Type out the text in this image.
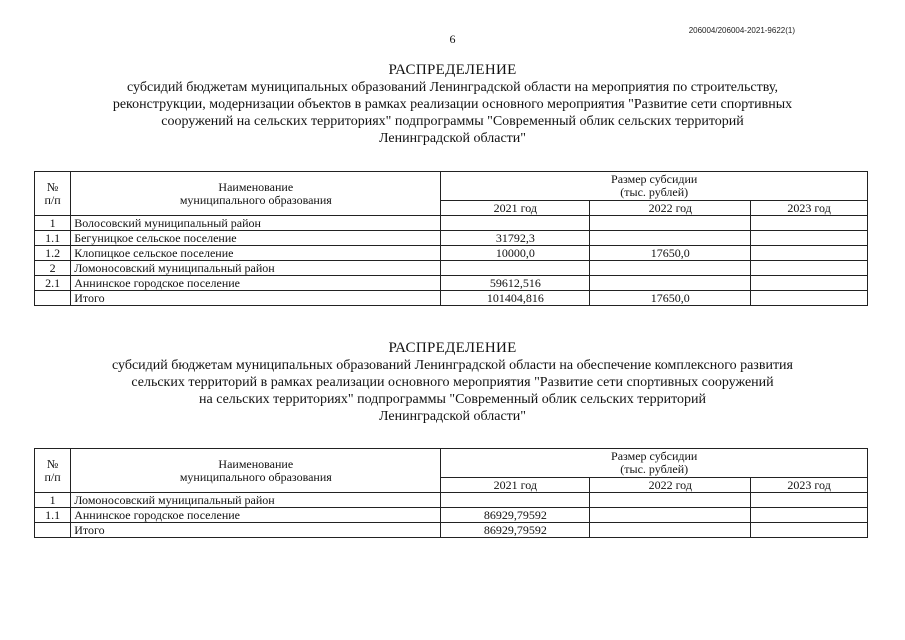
206004/206004-2021-9622(1)
6
РАСПРЕДЕЛЕНИЕ
субсидий бюджетам муниципальных образований Ленинградской области на мероприятия по строительству,
реконструкции, модернизации объектов в рамках реализации основного мероприятия "Развитие сети спортивных
сооружений на сельских территориях" подпрограммы "Современный облик сельских территорий
Ленинградской области"
№
п/п	Наименование
муниципального образования	Размер субсидии
(тыс. рублей)		
		2021 год	2022 год	2023 год
1	Волосовский муниципальный район			
1.1	Бегуницкое сельское поселение	31792,3		
1.2	Клопицкое сельское поселение	10000,0	17650,0	
2	Ломоносовский муниципальный район			
2.1	Аннинское городское поселение	59612,516		
	Итого	101404,816	17650,0	
РАСПРЕДЕЛЕНИЕ
субсидий бюджетам муниципальных образований Ленинградской области на обеспечение комплексного развития
сельских территорий в рамках реализации основного мероприятия "Развитие сети спортивных сооружений
на сельских территориях" подпрограммы "Современный облик сельских территорий
Ленинградской области"
№
п/п	Наименование
муниципального образования	Размер субсидии
(тыс. рублей)		
		2021 год	2022 год	2023 год
1	Ломоносовский муниципальный район			
1.1	Аннинское городское поселение	86929,79592		
	Итого	86929,79592		
